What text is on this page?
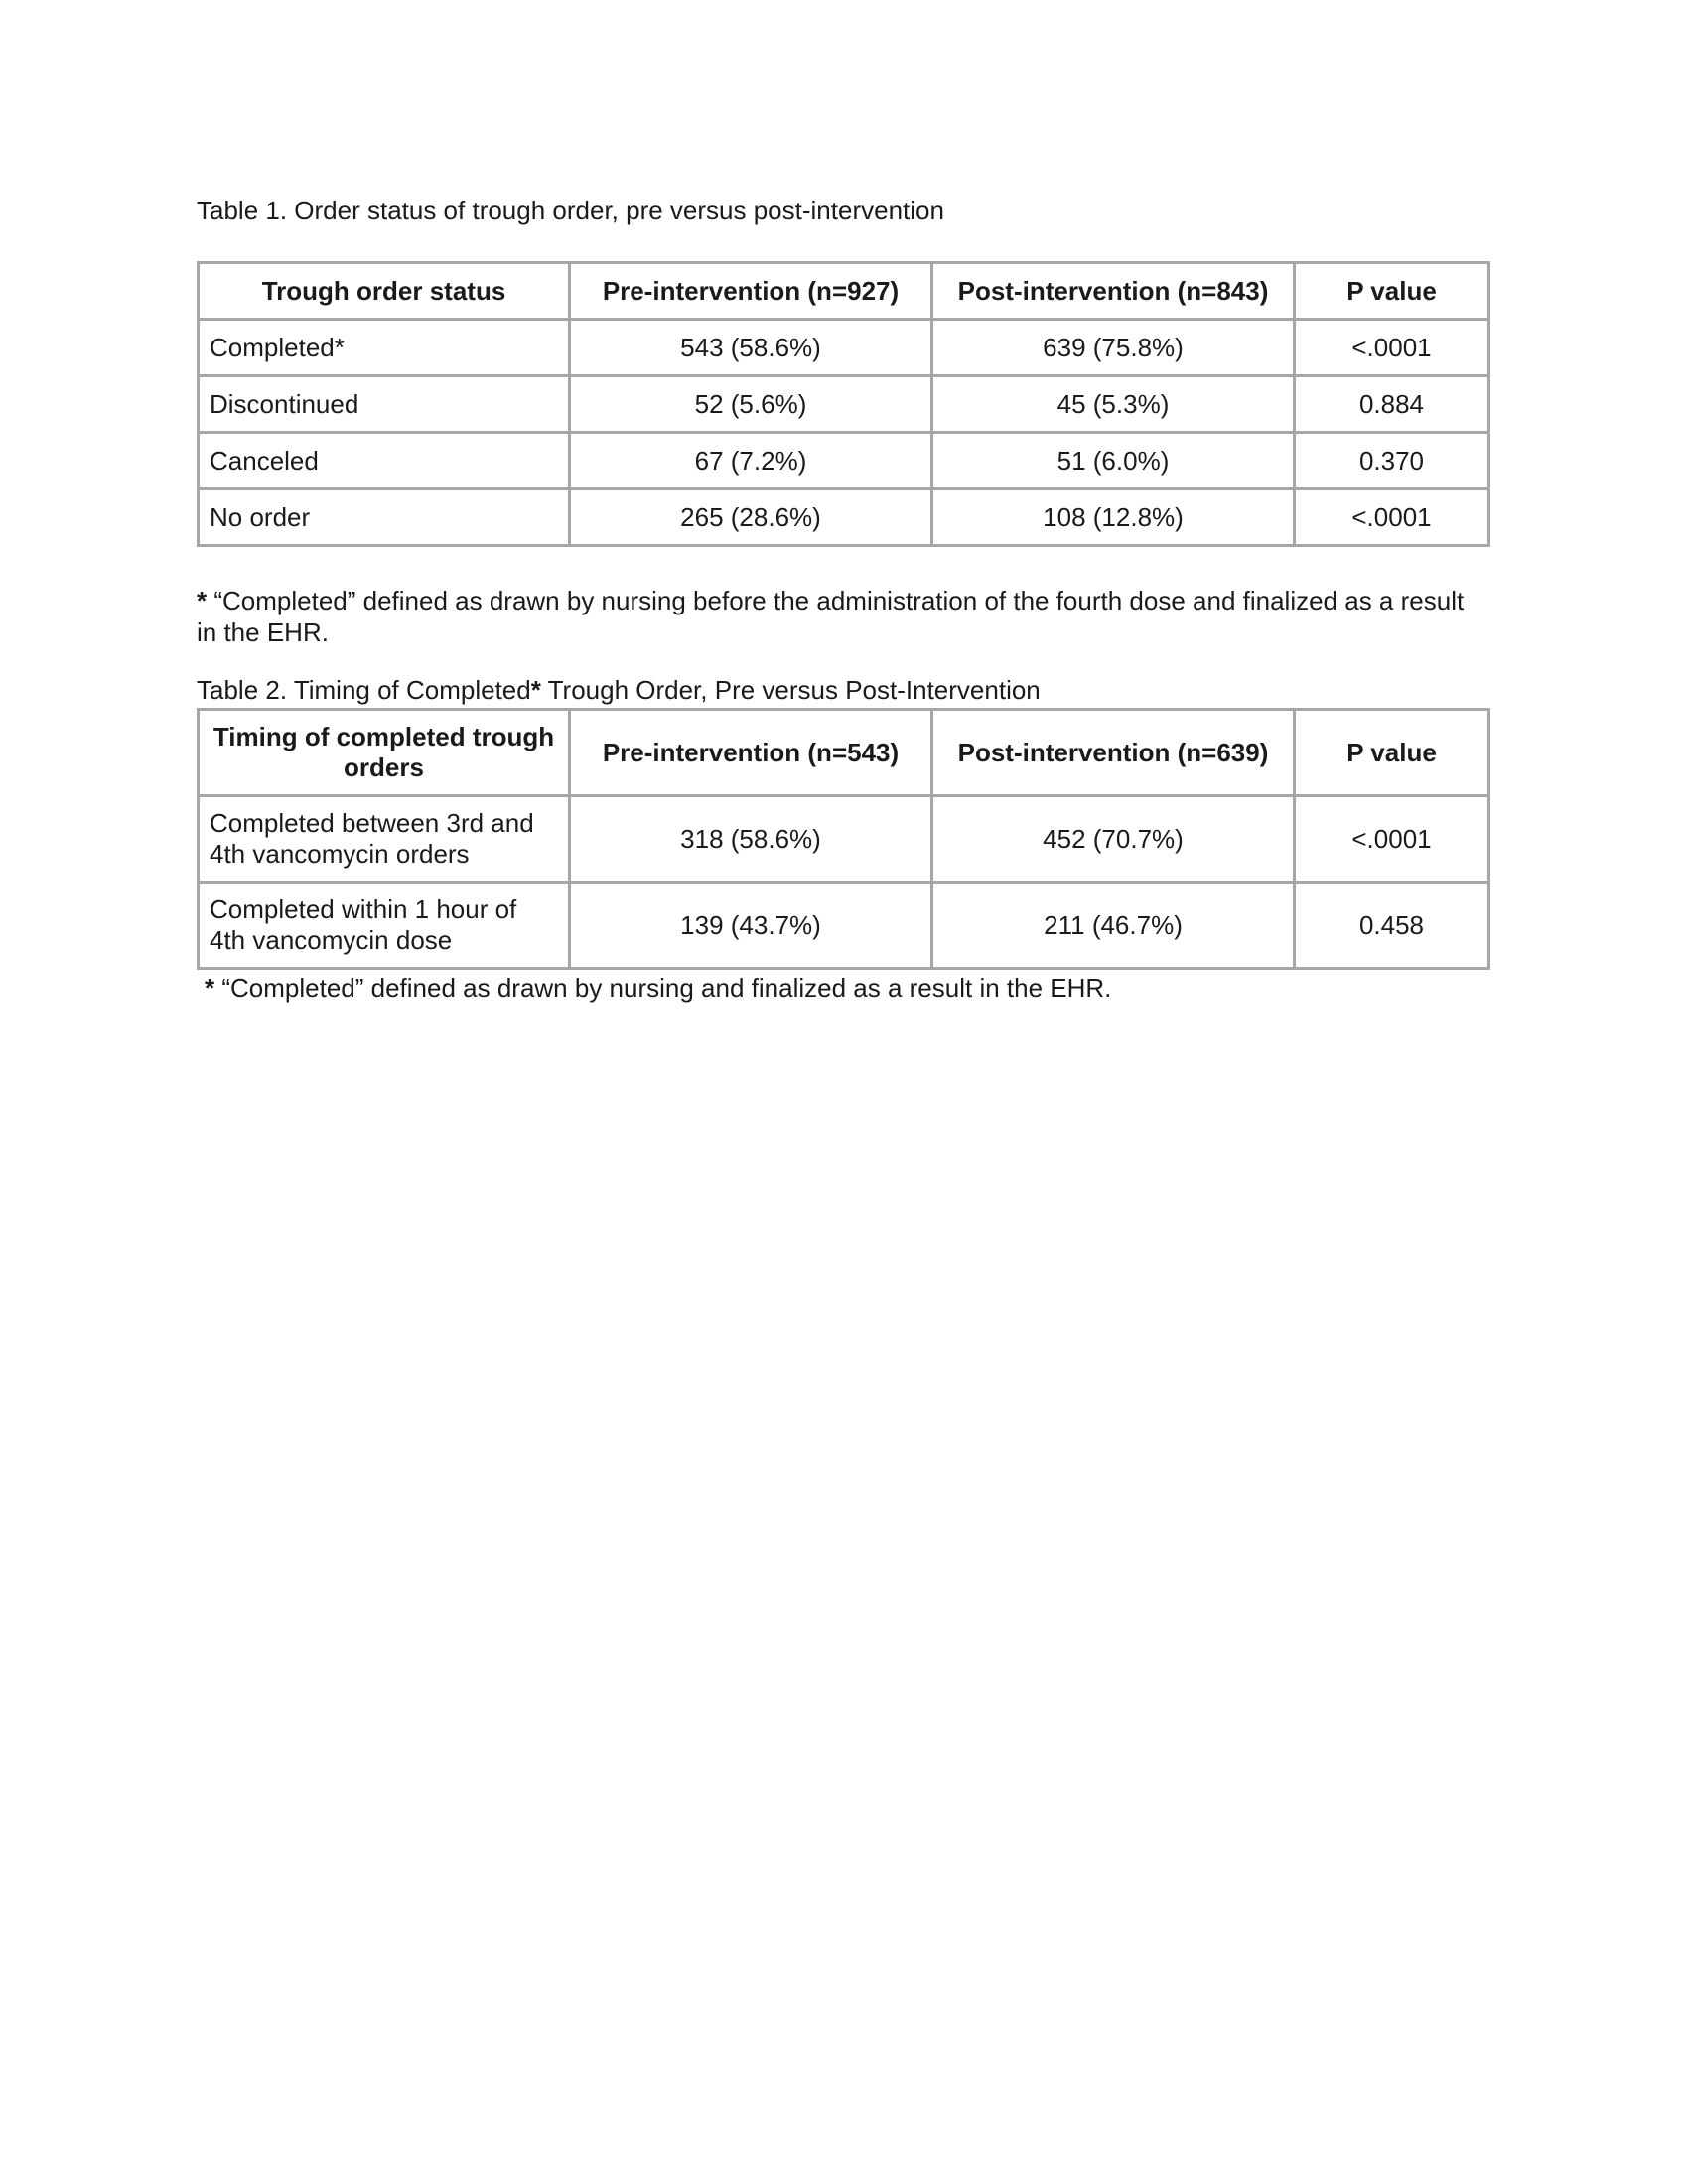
Table 1. Order status of trough order, pre versus post-intervention

Trough order status	Pre-intervention (n=927)	Post-intervention (n=843)	P value
Completed*	543 (58.6%)	639 (75.8%)	<.0001
Discontinued	52 (5.6%)	45 (5.3%)	0.884
Canceled	67 (7.2%)	51 (6.0%)	0.370
No order	265 (28.6%)	108 (12.8%)	<.0001

* “Completed” defined as drawn by nursing before the administration of the fourth dose and finalized as a result in the EHR.

Table 2. Timing of Completed* Trough Order, Pre versus Post-Intervention

Timing of completed trough orders	Pre-intervention (n=543)	Post-intervention (n=639)	P value
Completed between 3rd and 4th vancomycin orders	318 (58.6%)	452 (70.7%)	<.0001
Completed within 1 hour of 4th vancomycin dose	139 (43.7%)	211 (46.7%)	0.458

* “Completed” defined as drawn by nursing and finalized as a result in the EHR.
